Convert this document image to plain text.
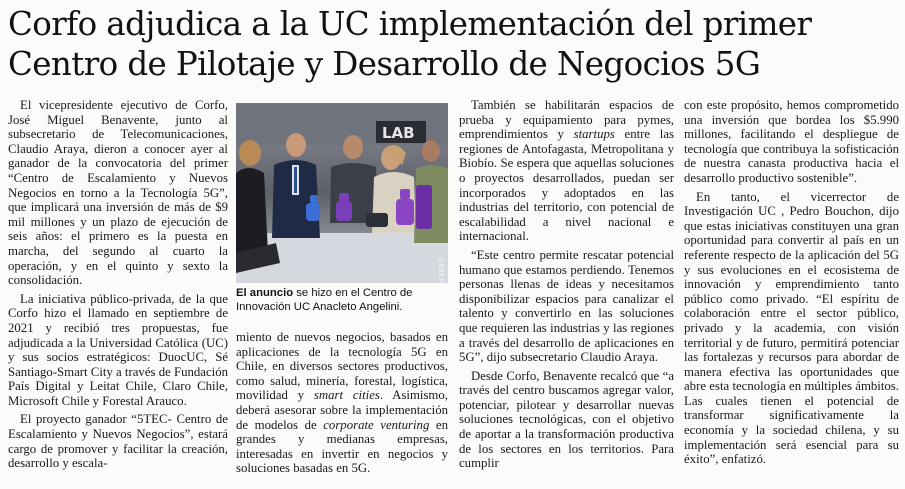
Corfo adjudica a la UC implementación del primer Centro de Pilotaje y Desarrollo de Negocios 5G

El vicepresidente ejecutivo de Corfo, José Miguel Benavente, junto al subsecretario de Telecomunicaciones, Claudio Araya, dieron a conocer ayer al ganador de la convocatoria del primer “Centro de Escalamiento y Nuevos Negocios en torno a la Tecnología 5G”, que implicará una inversión de más de $9 mil millones y un plazo de ejecución de seis años: el primero es la puesta en marcha, del segundo al cuarto la operación, y en el quinto y sexto la consolidación.

La iniciativa público-privada, de la que Corfo hizo el llamado en septiembre de 2021 y recibió tres propuestas, fue adjudicada a la Universidad Católica (UC) y sus socios estratégicos: DuocUC, Sé Santiago-Smart City a través de Fundación País Digital y Leitat Chile, Claro Chile, Microsoft Chile y Forestal Arauco.

El proyecto ganador “5TEC- Centro de Escalamiento y Nuevos Negocios”, estará cargo de promover y facilitar la creación, desarrollo y escala-

LAB
DEREP
El anuncio se hizo en el Centro de Innovación UC Anacleto Angelini.

miento de nuevos negocios, basados en aplicaciones de la tecnología 5G en Chile, en diversos sectores productivos, como salud, minería, forestal, logística, movilidad y smart cities. Asimismo, deberá asesorar sobre la implementación de modelos de corporate venturing en grandes y medianas empresas, interesadas en invertir en negocios y soluciones basadas en 5G.

También se habilitarán espacios de prueba y equipamiento para pymes, emprendimientos y startups entre las regiones de Antofagasta, Metropolitana y Biobío. Se espera que aquellas soluciones o proyectos desarrollados, puedan ser incorporados y adoptados en las industrias del territorio, con potencial de escalabilidad a nivel nacional e internacional.

“Este centro permite rescatar potencial humano que estamos perdiendo. Tenemos personas llenas de ideas y necesitamos disponibilizar espacios para canalizar el talento y convertirlo en las soluciones que requieren las industrias y las regiones a través del desarrollo de aplicaciones en 5G”, dijo subsecretario Claudio Araya.

Desde Corfo, Benavente recalcó que “a través del centro buscamos agregar valor, potenciar, pilotear y desarrollar nuevas soluciones tecnológicas, con el objetivo de aportar a la transformación productiva de los sectores en los territorios. Para cumplir

con este propósito, hemos comprometido una inversión que bordea los $5.990 millones, facilitando el despliegue de tecnología que contribuya la sofisticación de nuestra canasta productiva hacia el desarrollo productivo sostenible”.

En tanto, el vicerrector de Investigación UC , Pedro Bouchon, dijo que estas iniciativas constituyen una gran oportunidad para convertir al país en un referente respecto de la aplicación del 5G y sus evoluciones en el ecosistema de innovación y emprendimiento tanto público como privado. “El espíritu de colaboración entre el sector público, privado y la academia, con visión territorial y de futuro, permitirá potenciar las fortalezas y recursos para abordar de manera efectiva las oportunidades que abre esta tecnología en múltiples ámbitos. Las cuales tienen el potencial de transformar significativamente la economía y la sociedad chilena, y su implementación será esencial para su éxito”, enfatizó.
